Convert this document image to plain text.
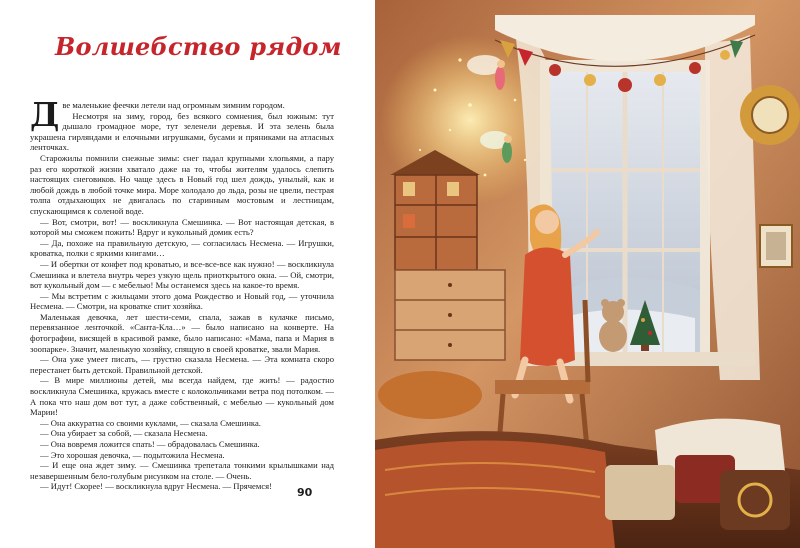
Волшебство рядом

Две маленькие феечки летели над огромным зимним городом.

Несмотря на зиму, город, без всякого сомнения, был южным: тут дышало громадное море, тут зеленели деревья. И эта зелень была украшена гирляндами и елочными игрушками, бусами и пряниками на атласных ленточках.

Старожилы помнили снежные зимы: снег падал крупными хлопьями, а пару раз его короткой жизни хватало даже на то, чтобы жителям удалось слепить настоящих снеговиков. Но чаще здесь в Новый год шел дождь, унылый, как и любой дождь в любой точке мира. Море холодало до льда, розы не цвели, пестрая толпа отдыхающих не двигалась по старинным мостовым и лестницам, спускающимся к соленой воде.

— Вот, смотри, вот! — воскликнула Смешинка. — Вот настоящая детская, в которой мы сможем пожить! Вдруг и кукольный домик есть?

— Да, похоже на правильную детскую, — согласилась Несмена. — Игрушки, кроватка, полки с яркими книгами…

— И обертки от конфет под кроватью, и все-все-все как нужно! — воскликнула Смешинка и влетела внутрь через узкую щель приоткрытого окна. — Ой, смотри, вот кукольный дом — с мебелью! Мы останемся здесь на какое-то время.

— Мы встретим с жильцами этого дома Рождество и Новый год, — уточнила Несмена. — Смотри, на кроватке спит хозяйка.

Маленькая девочка, лет шести-семи, спала, зажав в кулачке письмо, перевязанное ленточкой. «Санта-Кла…» — было написано на конверте. На фотографии, висящей в красивой рамке, было написано: «Мама, папа и Мария в зоопарке». Значит, маленькую хозяйку, спящую в своей кроватке, звали Мария.

— Она уже умеет писать, — грустно сказала Несмена. — Эта комната скоро перестанет быть детской. Правильной детской.

— В мире миллионы детей, мы всегда найдем, где жить! — радостно воскликнула Смешинка, кружась вместе с колокольчиками ветра под потолком. — А пока что наш дом вот тут, а даже собственный, с мебелью — кукольный дом Марии!

— Она аккуратна со своими куклами, — сказала Смешинка.

— Она убирает за собой, — сказала Несмена.

— Она вовремя ложится спать! — обрадовалась Смешинка.

— Это хорошая девочка, — подытожила Несмена.

— И еще она ждет зиму. — Смешинка трепетала тонкими крылышками над незавершенным бело-голубым рисунком на столе. — Очень.

— Идут! Скорее! — воскликнула вдруг Несмена. — Прячемся!	90
